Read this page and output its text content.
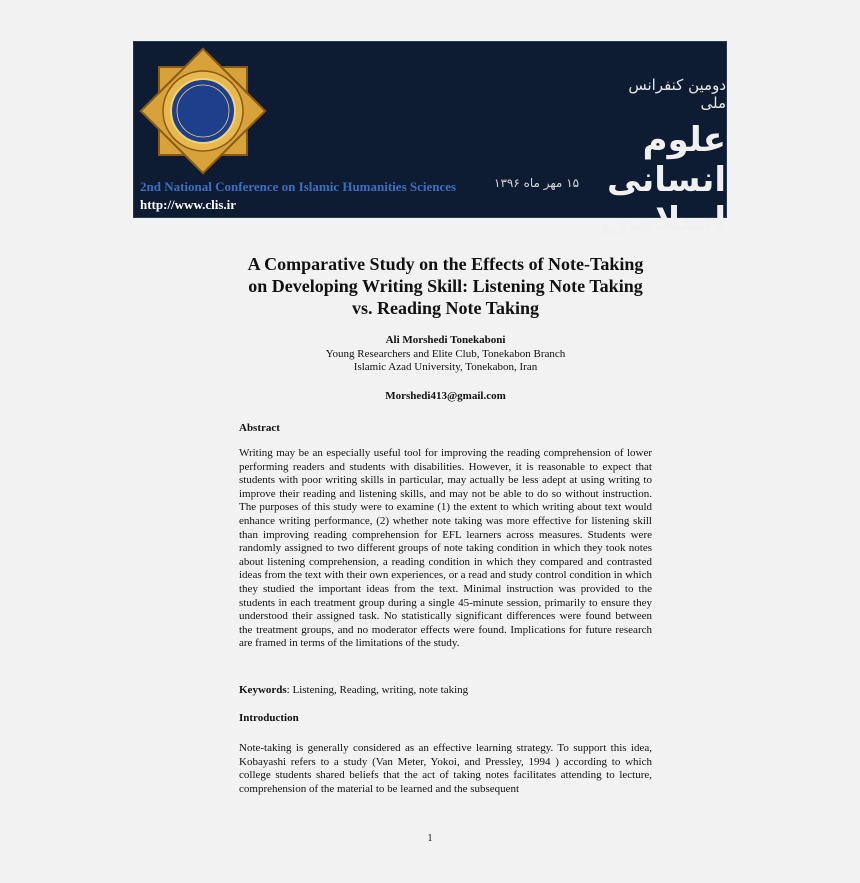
دومین کنفرانس ملی
علوم انسانی اسلامی
۱۵ مهر ماه ۱۳۹۶
2nd National Conference on Islamic Humanities Sciences
http://www.clis.ir
A Comparative Study on the Effects of Note-Taking on Developing Writing Skill: Listening Note Taking vs. Reading Note Taking
Ali Morshedi Tonekaboni
Young Researchers and Elite Club, Tonekabon Branch
Islamic Azad University, Tonekabon, Iran
Morshedi413@gmail.com
Abstract

Writing may be an especially useful tool for improving the reading comprehension of lower performing readers and students with disabilities. However, it is reasonable to expect that students with poor writing skills in particular, may actually be less adept at using writing to improve their reading and listening skills, and may not be able to do so without instruction. The purposes of this study were to examine (1) the extent to which writing about text would enhance writing performance, (2) whether note taking was more effective for listening skill than improving reading comprehension for EFL learners across measures. Students were randomly assigned to two different groups of note taking condition in which they took notes about listening comprehension, a reading condition in which they compared and contrasted ideas from the text with their own experiences, or a read and study control condition in which they studied the important ideas from the text. Minimal instruction was provided to the students in each treatment group during a single 45-minute session, primarily to ensure they understood their assigned task. No statistically significant differences were found between the treatment groups, and no moderator effects were found. Implications for future research are framed in terms of the limitations of the study.

Keywords: Listening, Reading, writing, note taking
Introduction

Note-taking is generally considered as an effective learning strategy. To support this idea, Kobayashi refers to a study (Van Meter, Yokoi, and Pressley, 1994 ) according to which college students shared beliefs that the act of taking notes facilitates attending to lecture, comprehension of the material to be learned and the subsequent

1
